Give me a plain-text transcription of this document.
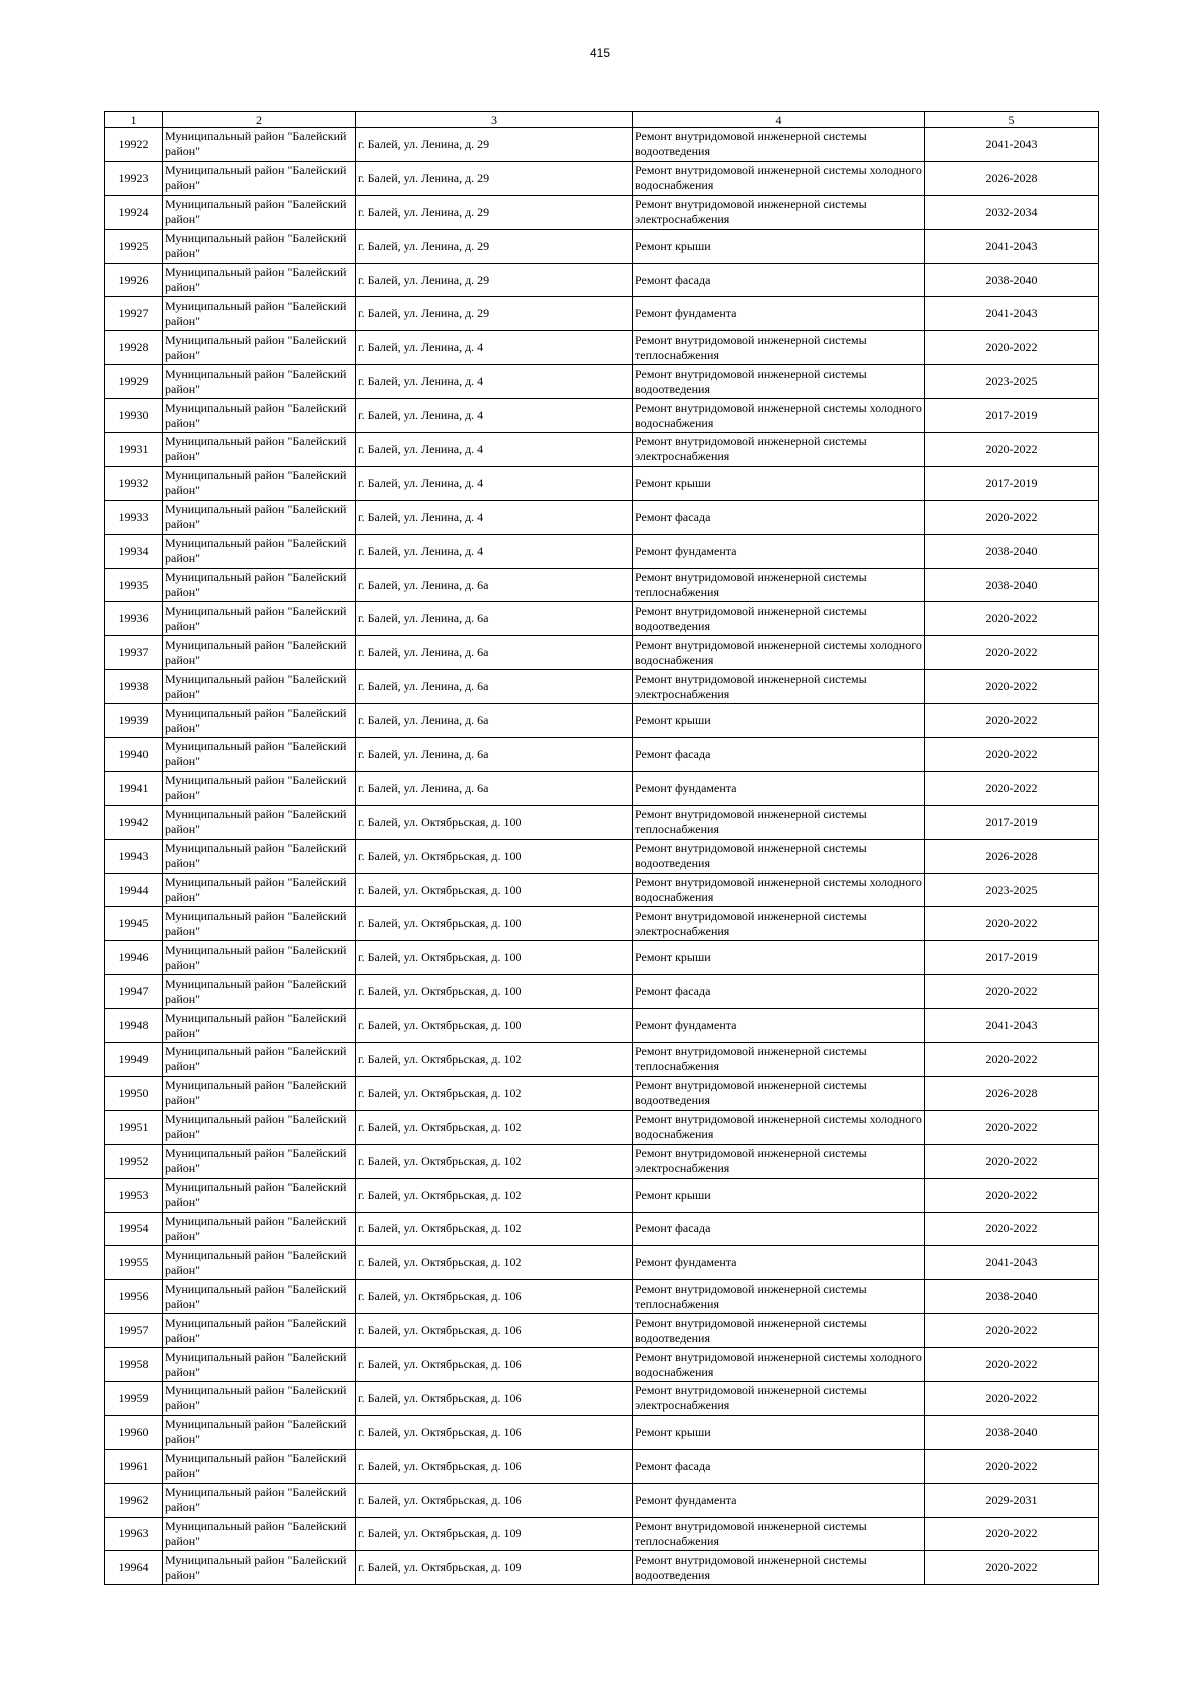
415
1	2	3	4	5
19922	Муниципальный район "Балейский район"	г. Балей, ул. Ленина, д. 29	Ремонт внутридомовой инженерной системы водоотведения	2041-2043
19923	Муниципальный район "Балейский район"	г. Балей, ул. Ленина, д. 29	Ремонт внутридомовой инженерной системы холодного водоснабжения	2026-2028
19924	Муниципальный район "Балейский район"	г. Балей, ул. Ленина, д. 29	Ремонт внутридомовой инженерной системы электроснабжения	2032-2034
19925	Муниципальный район "Балейский район"	г. Балей, ул. Ленина, д. 29	Ремонт крыши	2041-2043
19926	Муниципальный район "Балейский район"	г. Балей, ул. Ленина, д. 29	Ремонт фасада	2038-2040
19927	Муниципальный район "Балейский район"	г. Балей, ул. Ленина, д. 29	Ремонт фундамента	2041-2043
19928	Муниципальный район "Балейский район"	г. Балей, ул. Ленина, д. 4	Ремонт внутридомовой инженерной системы теплоснабжения	2020-2022
19929	Муниципальный район "Балейский район"	г. Балей, ул. Ленина, д. 4	Ремонт внутридомовой инженерной системы водоотведения	2023-2025
19930	Муниципальный район "Балейский район"	г. Балей, ул. Ленина, д. 4	Ремонт внутридомовой инженерной системы холодного водоснабжения	2017-2019
19931	Муниципальный район "Балейский район"	г. Балей, ул. Ленина, д. 4	Ремонт внутридомовой инженерной системы электроснабжения	2020-2022
19932	Муниципальный район "Балейский район"	г. Балей, ул. Ленина, д. 4	Ремонт крыши	2017-2019
19933	Муниципальный район "Балейский район"	г. Балей, ул. Ленина, д. 4	Ремонт фасада	2020-2022
19934	Муниципальный район "Балейский район"	г. Балей, ул. Ленина, д. 4	Ремонт фундамента	2038-2040
19935	Муниципальный район "Балейский район"	г. Балей, ул. Ленина, д. 6а	Ремонт внутридомовой инженерной системы теплоснабжения	2038-2040
19936	Муниципальный район "Балейский район"	г. Балей, ул. Ленина, д. 6а	Ремонт внутридомовой инженерной системы водоотведения	2020-2022
19937	Муниципальный район "Балейский район"	г. Балей, ул. Ленина, д. 6а	Ремонт внутридомовой инженерной системы холодного водоснабжения	2020-2022
19938	Муниципальный район "Балейский район"	г. Балей, ул. Ленина, д. 6а	Ремонт внутридомовой инженерной системы электроснабжения	2020-2022
19939	Муниципальный район "Балейский район"	г. Балей, ул. Ленина, д. 6а	Ремонт крыши	2020-2022
19940	Муниципальный район "Балейский район"	г. Балей, ул. Ленина, д. 6а	Ремонт фасада	2020-2022
19941	Муниципальный район "Балейский район"	г. Балей, ул. Ленина, д. 6а	Ремонт фундамента	2020-2022
19942	Муниципальный район "Балейский район"	г. Балей, ул. Октябрьская, д. 100	Ремонт внутридомовой инженерной системы теплоснабжения	2017-2019
19943	Муниципальный район "Балейский район"	г. Балей, ул. Октябрьская, д. 100	Ремонт внутридомовой инженерной системы водоотведения	2026-2028
19944	Муниципальный район "Балейский район"	г. Балей, ул. Октябрьская, д. 100	Ремонт внутридомовой инженерной системы холодного водоснабжения	2023-2025
19945	Муниципальный район "Балейский район"	г. Балей, ул. Октябрьская, д. 100	Ремонт внутридомовой инженерной системы электроснабжения	2020-2022
19946	Муниципальный район "Балейский район"	г. Балей, ул. Октябрьская, д. 100	Ремонт крыши	2017-2019
19947	Муниципальный район "Балейский район"	г. Балей, ул. Октябрьская, д. 100	Ремонт фасада	2020-2022
19948	Муниципальный район "Балейский район"	г. Балей, ул. Октябрьская, д. 100	Ремонт фундамента	2041-2043
19949	Муниципальный район "Балейский район"	г. Балей, ул. Октябрьская, д. 102	Ремонт внутридомовой инженерной системы теплоснабжения	2020-2022
19950	Муниципальный район "Балейский район"	г. Балей, ул. Октябрьская, д. 102	Ремонт внутридомовой инженерной системы водоотведения	2026-2028
19951	Муниципальный район "Балейский район"	г. Балей, ул. Октябрьская, д. 102	Ремонт внутридомовой инженерной системы холодного водоснабжения	2020-2022
19952	Муниципальный район "Балейский район"	г. Балей, ул. Октябрьская, д. 102	Ремонт внутридомовой инженерной системы электроснабжения	2020-2022
19953	Муниципальный район "Балейский район"	г. Балей, ул. Октябрьская, д. 102	Ремонт крыши	2020-2022
19954	Муниципальный район "Балейский район"	г. Балей, ул. Октябрьская, д. 102	Ремонт фасада	2020-2022
19955	Муниципальный район "Балейский район"	г. Балей, ул. Октябрьская, д. 102	Ремонт фундамента	2041-2043
19956	Муниципальный район "Балейский район"	г. Балей, ул. Октябрьская, д. 106	Ремонт внутридомовой инженерной системы теплоснабжения	2038-2040
19957	Муниципальный район "Балейский район"	г. Балей, ул. Октябрьская, д. 106	Ремонт внутридомовой инженерной системы водоотведения	2020-2022
19958	Муниципальный район "Балейский район"	г. Балей, ул. Октябрьская, д. 106	Ремонт внутридомовой инженерной системы холодного водоснабжения	2020-2022
19959	Муниципальный район "Балейский район"	г. Балей, ул. Октябрьская, д. 106	Ремонт внутридомовой инженерной системы электроснабжения	2020-2022
19960	Муниципальный район "Балейский район"	г. Балей, ул. Октябрьская, д. 106	Ремонт крыши	2038-2040
19961	Муниципальный район "Балейский район"	г. Балей, ул. Октябрьская, д. 106	Ремонт фасада	2020-2022
19962	Муниципальный район "Балейский район"	г. Балей, ул. Октябрьская, д. 106	Ремонт фундамента	2029-2031
19963	Муниципальный район "Балейский район"	г. Балей, ул. Октябрьская, д. 109	Ремонт внутридомовой инженерной системы теплоснабжения	2020-2022
19964	Муниципальный район "Балейский район"	г. Балей, ул. Октябрьская, д. 109	Ремонт внутридомовой инженерной системы водоотведения	2020-2022
